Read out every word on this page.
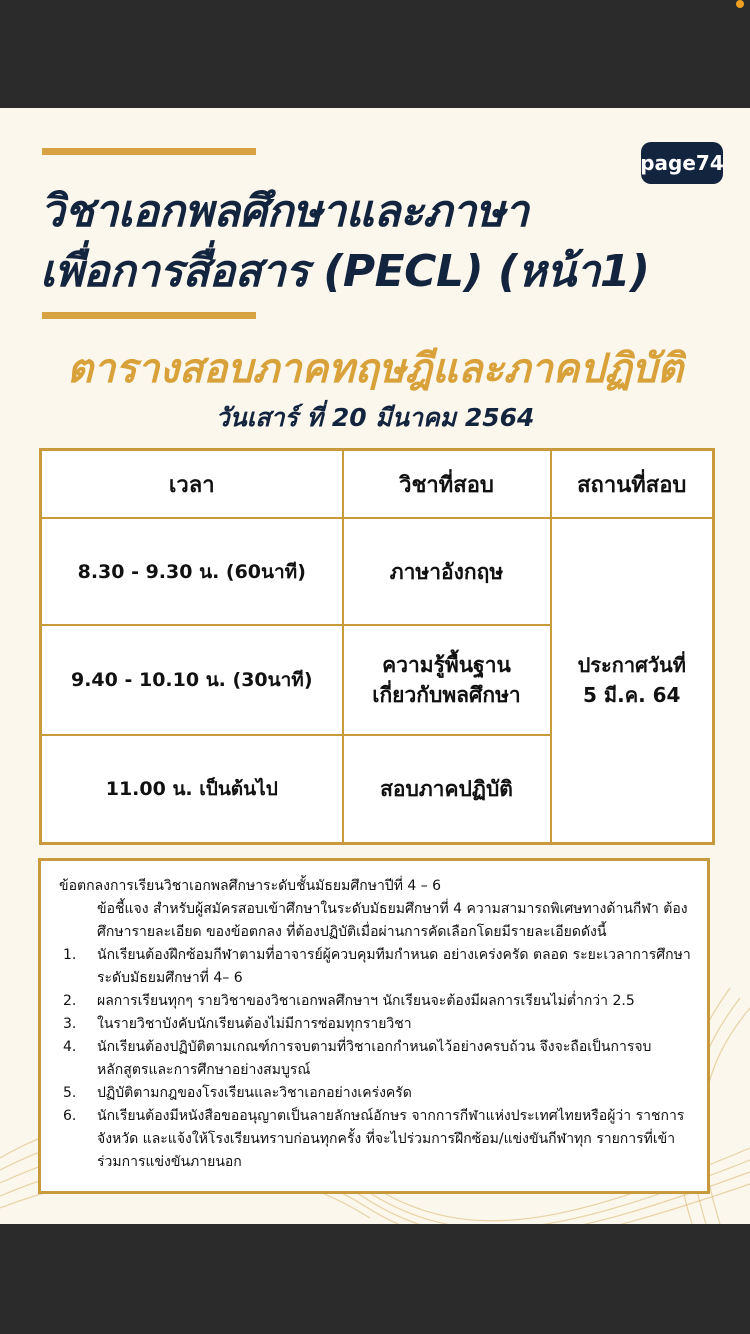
page74
วิชาเอกพลศึกษาและภาษา
เพื่อการสื่อสาร (PECL) (หน้า1)
ตารางสอบภาคทฤษฎีและภาคปฏิบัติ
วันเสาร์ ที่ 20 มีนาคม 2564
เวลา	วิชาที่สอบ	สถานที่สอบ
8.30 - 9.30 น. (60นาที)	ภาษาอังกฤษ	ประกาศวันที่
5 มี.ค. 64

9.40 - 10.10 น. (30นาที)	ความรู้พื้นฐาน
เกี่ยวกับพลศึกษา	

11.00 น. เป็นต้นไป	สอบภาคปฏิบัติ	

ข้อตกลงการเรียนวิชาเอกพลศึกษาระดับชั้นมัธยมศึกษาปีที่ 4 – 6

ข้อชี้แจง สำหรับผู้สมัครสอบเข้าศึกษาในระดับมัธยมศึกษาที่ 4 ความสามารถพิเศษทางด้านกีฬา ต้องศึกษารายละเอียด ของข้อตกลง ที่ต้องปฏิบัติเมื่อผ่านการคัดเลือกโดยมีรายละเอียดดังนี้

1.	นักเรียนต้องฝึกซ้อมกีฬาตามที่อาจารย์ผู้ควบคุมทีมกำหนด อย่างเคร่งครัด ตลอด ระยะเวลาการศึกษาระดับมัธยมศึกษาที่ 4– 6
2.	ผลการเรียนทุกๆ รายวิชาของวิชาเอกพลศึกษาฯ นักเรียนจะต้องมีผลการเรียนไม่ต่ำกว่า 2.5
3.	ในรายวิชาบังคับนักเรียนต้องไม่มีการซ่อมทุกรายวิชา
4.	นักเรียนต้องปฏิบัติตามเกณฑ์การจบตามที่วิชาเอกกำหนดไว้อย่างครบถ้วน จึงจะถือเป็นการจบ หลักสูตรและการศึกษาอย่างสมบูรณ์
5.	ปฏิบัติตามกฎของโรงเรียนและวิชาเอกอย่างเคร่งครัด
6.	นักเรียนต้องมีหนังสือขออนุญาตเป็นลายลักษณ์อักษร จากการกีฬาแห่งประเทศไทยหรือผู้ว่า ราชการจังหวัด และแจ้งให้โรงเรียนทราบก่อนทุกครั้ง ที่จะไปร่วมการฝึกซ้อม/แข่งขันกีฬาทุก รายการที่เข้าร่วมการแข่งขันภายนอก
